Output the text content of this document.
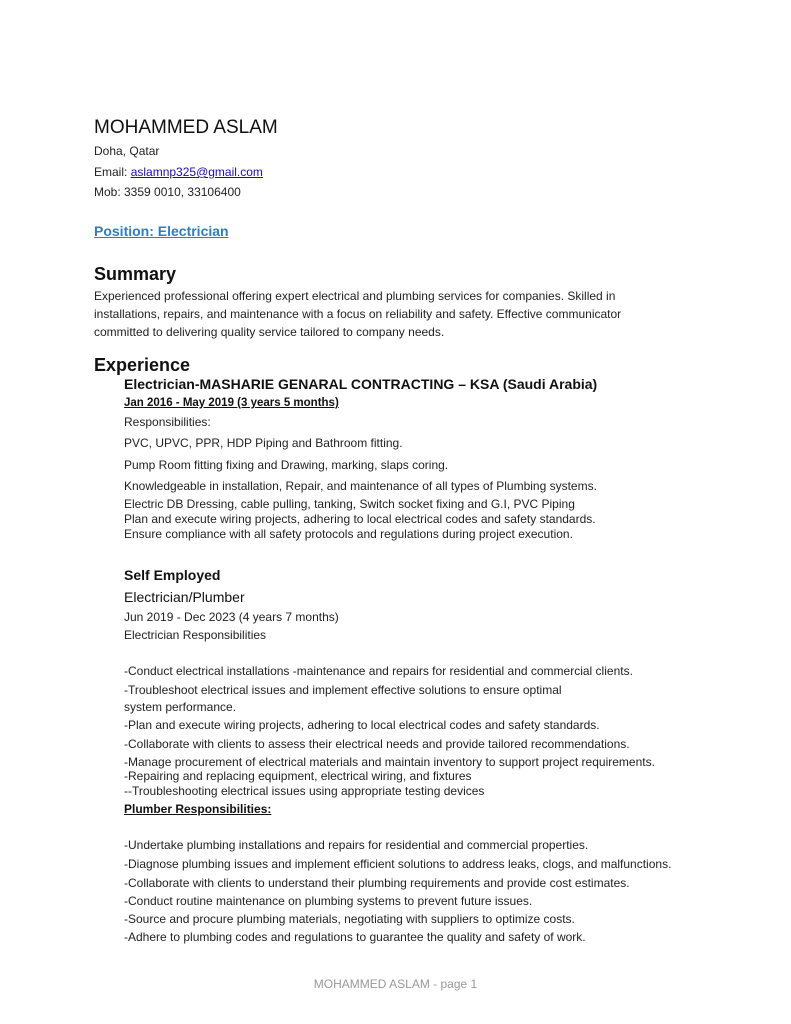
MOHAMMED ASLAM
Doha, Qatar
Email: aslamnp325@gmail.com
Mob: 3359 0010, 33106400
Position: Electrician
Summary
Experienced professional offering expert electrical and plumbing services for companies. Skilled in
installations, repairs, and maintenance with a focus on reliability and safety. Effective communicator
committed to delivering quality service tailored to company needs.
Experience
Electrician-MASHARIE GENARAL CONTRACTING – KSA (Saudi Arabia)
Jan 2016 - May 2019 (3 years 5 months)
Responsibilities:
PVC, UPVC, PPR, HDP Piping and Bathroom fitting.
Pump Room fitting fixing and Drawing, marking, slaps coring.
Knowledgeable in installation, Repair, and maintenance of all types of Plumbing systems.
Electric DB Dressing, cable pulling, tanking, Switch socket fixing and G.I, PVC Piping
Plan and execute wiring projects, adhering to local electrical codes and safety standards.
Ensure compliance with all safety protocols and regulations during project execution.
Self Employed
Electrician/Plumber
Jun 2019 - Dec 2023 (4 years 7 months)
Electrician Responsibilities
-Conduct electrical installations -maintenance and repairs for residential and commercial clients.
-Troubleshoot electrical issues and implement effective solutions to ensure optimal
system performance.
-Plan and execute wiring projects, adhering to local electrical codes and safety standards.
-Collaborate with clients to assess their electrical needs and provide tailored recommendations.
-Manage procurement of electrical materials and maintain inventory to support project requirements.
-Repairing and replacing equipment, electrical wiring, and fixtures
--Troubleshooting electrical issues using appropriate testing devices
Plumber Responsibilities:
-Undertake plumbing installations and repairs for residential and commercial properties.
-Diagnose plumbing issues and implement efficient solutions to address leaks, clogs, and malfunctions.
-Collaborate with clients to understand their plumbing requirements and provide cost estimates.
-Conduct routine maintenance on plumbing systems to prevent future issues.
-Source and procure plumbing materials, negotiating with suppliers to optimize costs.
-Adhere to plumbing codes and regulations to guarantee the quality and safety of work.
MOHAMMED ASLAM - page 1
